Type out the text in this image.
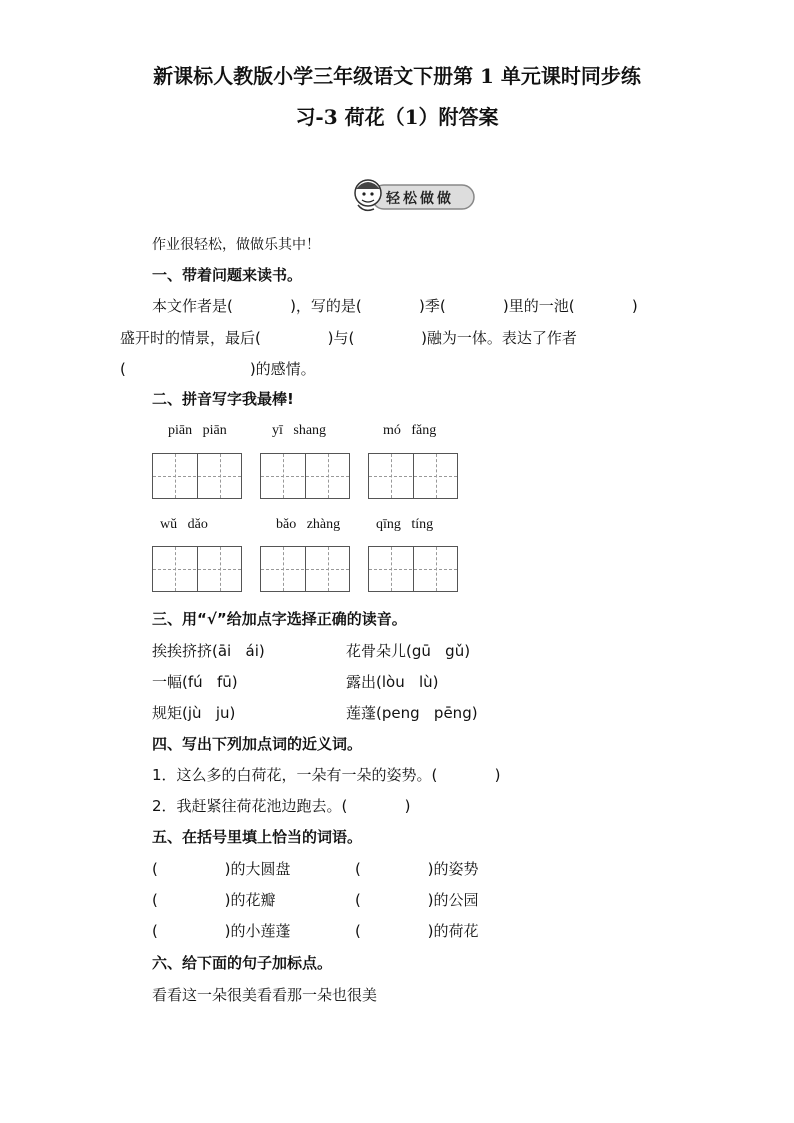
新课标人教版小学三年级语文下册第 1 单元课时同步练
习-3 荷花（1）附答案
轻松做做
作业很轻松，做做乐其中！
一、带着问题来读书。
本文作者是(            )，写的是(            )季(            )里的一池(            )
盛开时的情景，最后(              )与(              )融为一体。表达了作者
(                          )的感情。
二、拼音写字我最棒!
piān   piān	yī   shang	mó   fǎng
wǔ   dǎo	bǎo   zhàng	qīng   tíng
三、用“√”给加点字选择正确的读音。
挨挨挤挤(āi   ái)	花骨朵儿(gū   gǔ)
一幅(fú   fū)	露出(lòu   lù)
规矩(jù   ju)	莲蓬(peng   pēng)
四、写出下列加点词的近义词。
1．这么多的白荷花，一朵有一朵的姿势。(            )
2．我赶紧往荷花池边跑去。(            )
五、在括号里填上恰当的词语。
(              )的大圆盘	(              )的姿势
(              )的花瓣	(              )的公园
(              )的小莲蓬	(              )的荷花
六、给下面的句子加标点。
看看这一朵很美看看那一朵也很美
